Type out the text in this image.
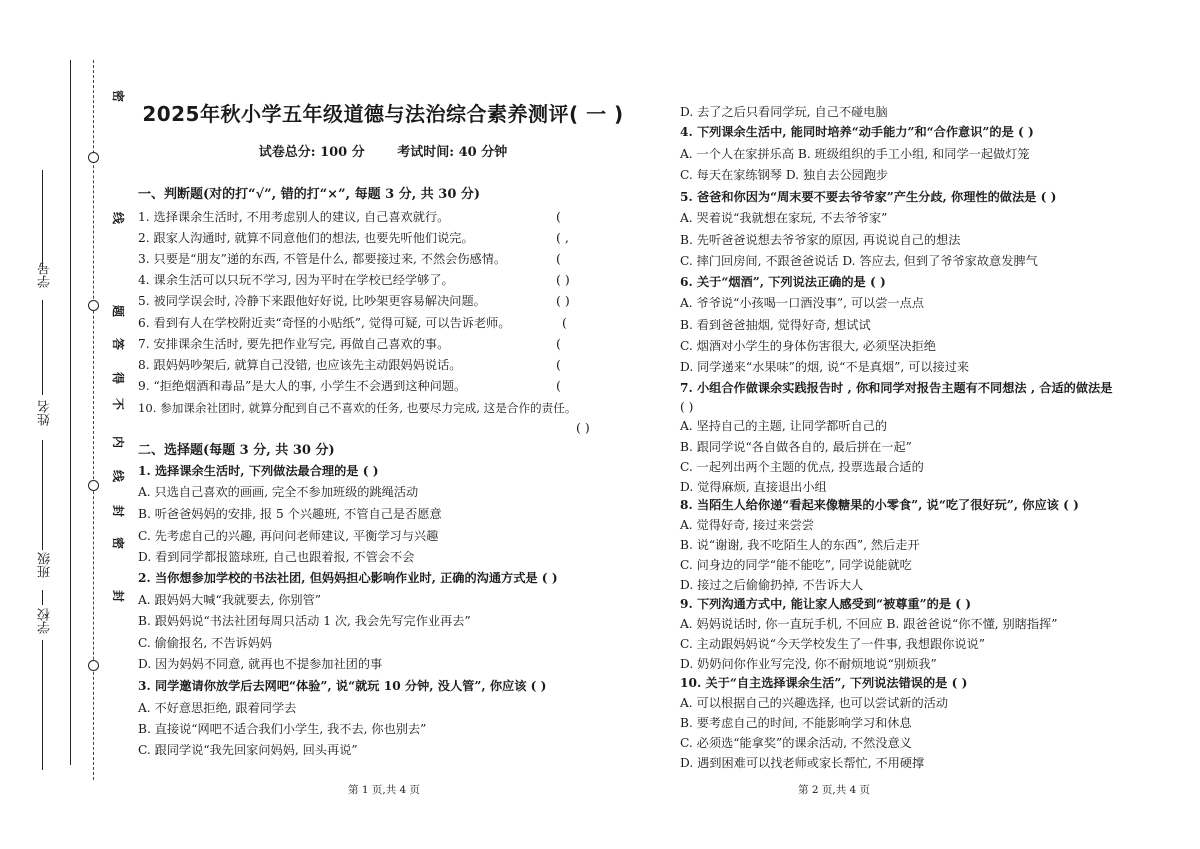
学号
姓名
班级
学校
密
线
题
答
得
不
内
线
封
密
封
2025年秋小学五年级道德与法治综合素养测评( 一 )
试卷总分: 100 分	考试时间: 40 分钟
一、判断题(对的打“√”, 错的打“×”, 每题 3 分, 共 30 分)
1. 选择课余生活时, 不用考虑别人的建议, 自己喜欢就行。	(
2. 跟家人沟通时, 就算不同意他们的想法, 也要先听他们说完。	( ,
3. 只要是“朋友”递的东西, 不管是什么, 都要接过来, 不然会伤感情。	(
4. 课余生活可以只玩不学习, 因为平时在学校已经学够了。	( )
5. 被同学误会时, 冷静下来跟他好好说, 比吵架更容易解决问题。	( )
6. 看到有人在学校附近卖“奇怪的小贴纸”, 觉得可疑, 可以告诉老师。	(
7. 安排课余生活时, 要先把作业写完, 再做自己喜欢的事。	(
8. 跟妈妈吵架后, 就算自己没错, 也应该先主动跟妈妈说话。	(
9. “拒绝烟酒和毒品”是大人的事, 小学生不会遇到这种问题。	(
10. 参加课余社团时, 就算分配到自己不喜欢的任务, 也要尽力完成, 这是合作的责任。
( )
二、选择题(每题 3 分, 共 30 分)
1. 选择课余生活时, 下列做法最合理的是 ( )
A. 只选自己喜欢的画画, 完全不参加班级的跳绳活动
B. 听爸爸妈妈的安排, 报 5 个兴趣班, 不管自己是否愿意
C. 先考虑自己的兴趣, 再问问老师建议, 平衡学习与兴趣
D. 看到同学都报篮球班, 自己也跟着报, 不管会不会
2. 当你想参加学校的书法社团, 但妈妈担心影响作业时, 正确的沟通方式是 ( )
A. 跟妈妈大喊“我就要去, 你别管”
B. 跟妈妈说“书法社团每周只活动 1 次, 我会先写完作业再去”
C. 偷偷报名, 不告诉妈妈
D. 因为妈妈不同意, 就再也不提参加社团的事
3. 同学邀请你放学后去网吧“体验”, 说“就玩 10 分钟, 没人管”, 你应该 ( )
A. 不好意思拒绝, 跟着同学去
B. 直接说“网吧不适合我们小学生, 我不去, 你也别去”
C. 跟同学说“我先回家问妈妈, 回头再说”
第 1 页,共 4 页
D. 去了之后只看同学玩, 自己不碰电脑
4. 下列课余生活中, 能同时培养“动手能力”和“合作意识”的是 ( )
A. 一个人在家拼乐高 B. 班级组织的手工小组, 和同学一起做灯笼
C. 每天在家练钢琴 D. 独自去公园跑步
5. 爸爸和你因为“周末要不要去爷爷家”产生分歧, 你理性的做法是 ( )
A. 哭着说“我就想在家玩, 不去爷爷家”
B. 先听爸爸说想去爷爷家的原因, 再说说自己的想法
C. 摔门回房间, 不跟爸爸说话 D. 答应去, 但到了爷爷家故意发脾气
6. 关于“烟酒”, 下列说法正确的是 ( )
A. 爷爷说“小孩喝一口酒没事”, 可以尝一点点
B. 看到爸爸抽烟, 觉得好奇, 想试试
C. 烟酒对小学生的身体伤害很大, 必须坚决拒绝
D. 同学递来“水果味”的烟, 说“不是真烟”, 可以接过来
7. 小组合作做课余实践报告时 , 你和同学对报告主题有不同想法 , 合适的做法是
( )
A. 坚持自己的主题, 让同学都听自己的
B. 跟同学说“各自做各自的, 最后拼在一起”
C. 一起列出两个主题的优点, 投票选最合适的
D. 觉得麻烦, 直接退出小组
8. 当陌生人给你递“看起来像糖果的小零食”, 说“吃了很好玩”, 你应该 ( )
A. 觉得好奇, 接过来尝尝
B. 说“谢谢, 我不吃陌生人的东西”, 然后走开
C. 问身边的同学“能不能吃”, 同学说能就吃
D. 接过之后偷偷扔掉, 不告诉大人
9. 下列沟通方式中, 能让家人感受到“被尊重”的是 ( )
A. 妈妈说话时, 你一直玩手机, 不回应 B. 跟爸爸说“你不懂, 别瞎指挥”
C. 主动跟妈妈说“今天学校发生了一件事, 我想跟你说说”
D. 奶奶问你作业写完没, 你不耐烦地说“别烦我”
10. 关于“自主选择课余生活”, 下列说法错误的是 ( )
A. 可以根据自己的兴趣选择, 也可以尝试新的活动
B. 要考虑自己的时间, 不能影响学习和休息
C. 必须选“能拿奖”的课余活动, 不然没意义
D. 遇到困难可以找老师或家长帮忙, 不用硬撑
第 2 页,共 4 页
